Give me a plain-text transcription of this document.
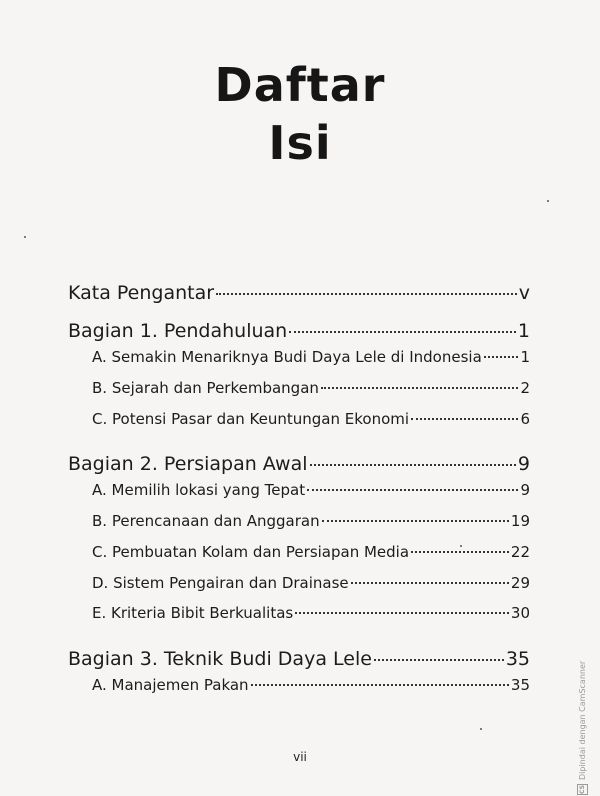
Daftar
Isi
Kata Pengantar	v
Bagian 1. Pendahuluan	1
A. Semakin Menariknya Budi Daya Lele di Indonesia	1
B. Sejarah dan Perkembangan	2
C. Potensi Pasar dan Keuntungan Ekonomi	6
Bagian 2. Persiapan Awal	9
A. Memilih lokasi yang Tepat	9
B. Perencanaan dan Anggaran	19
C. Pembuatan Kolam dan Persiapan Media	22
D. Sistem Pengairan dan Drainase	29
E. Kriteria Bibit Berkualitas	30
Bagian 3. Teknik Budi Daya Lele	35
A. Manajemen Pakan	35
vii
CS
Dipindai dengan CamScanner
